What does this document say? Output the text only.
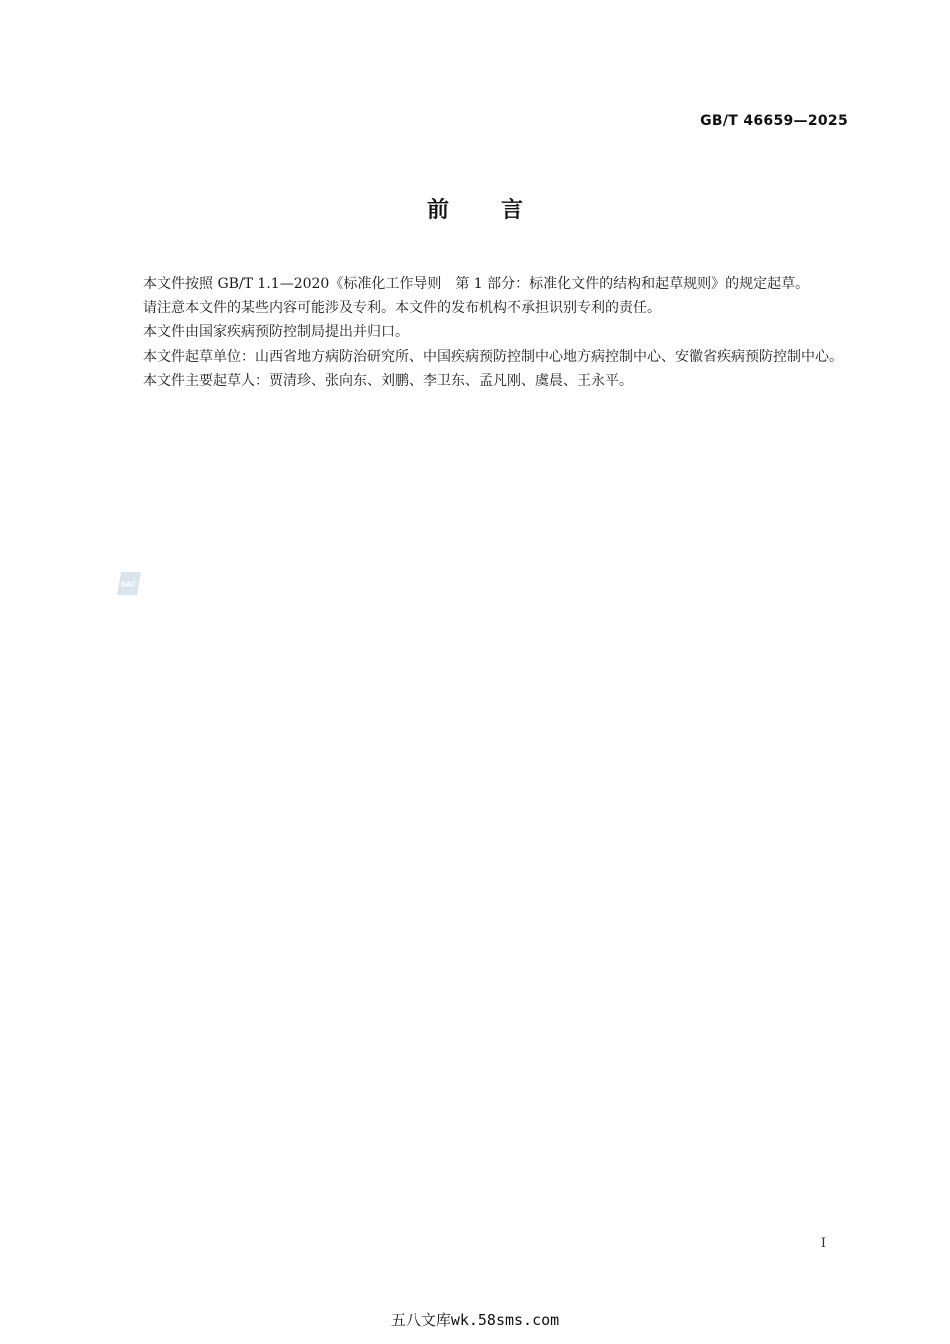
GB/T 46659—2025
前言

本文件按照 GB/T 1.1—2020《标准化工作导则　第 1 部分：标准化文件的结构和起草规则》的规定起草。

请注意本文件的某些内容可能涉及专利。本文件的发布机构不承担识别专利的责任。

本文件由国家疾病预防控制局提出并归口。

本文件起草单位：山西省地方病防治研究所、中国疾病预防控制中心地方病控制中心、安徽省疾病预防控制中心。

本文件主要起草人：贾清珍、张向东、刘鹏、李卫东、孟凡刚、虞晨、王永平。

SAC
I
五八文库wk.58sms.com
